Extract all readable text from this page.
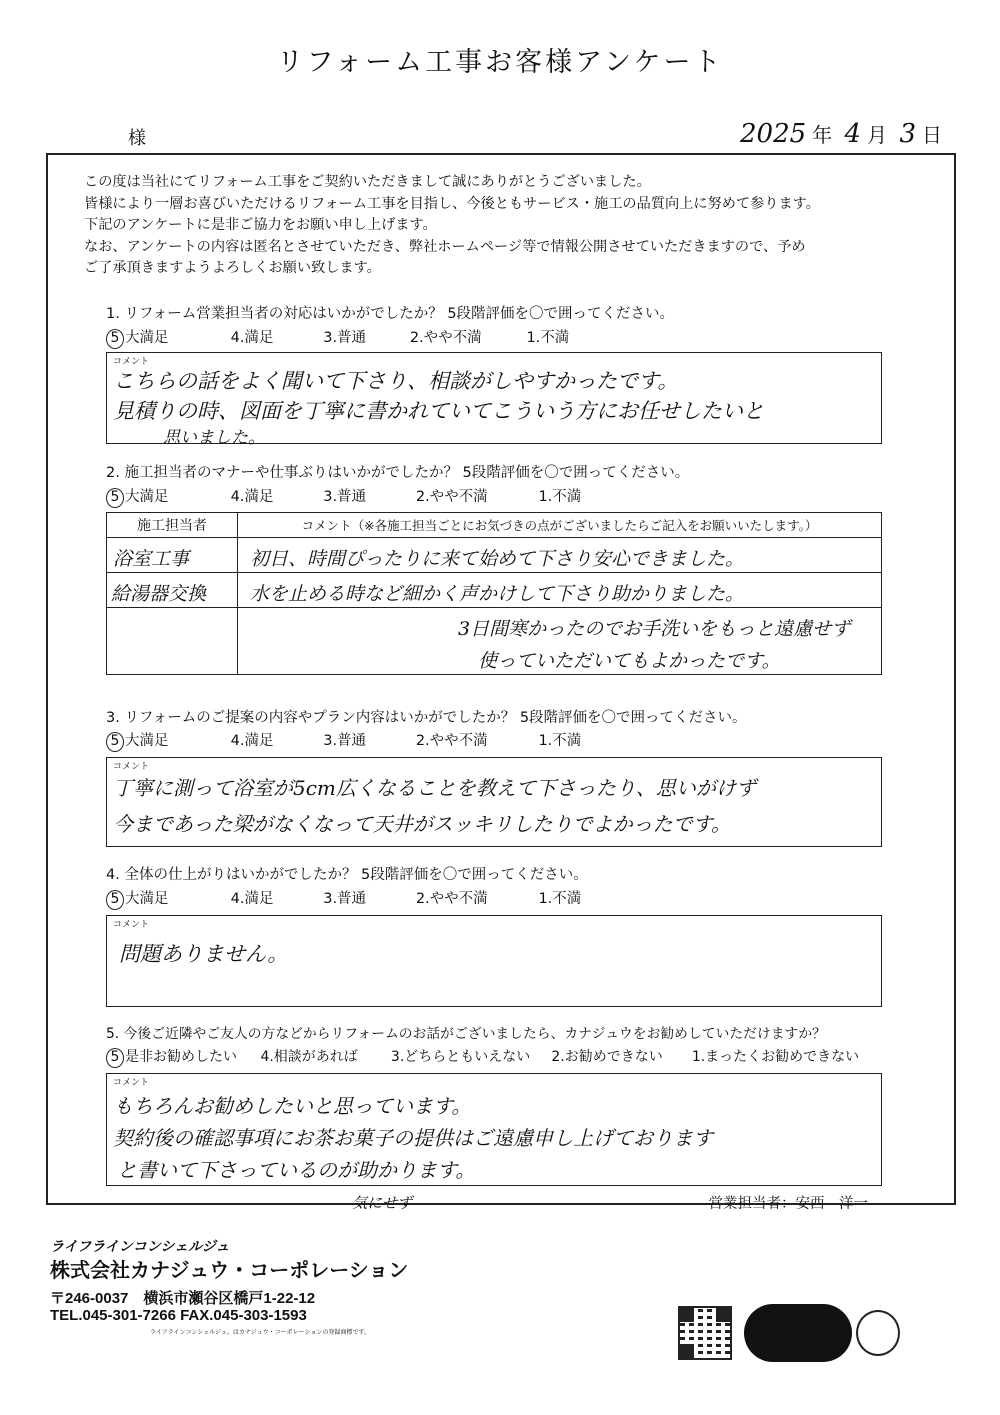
リフォーム工事お客様アンケート
様	2025 年 4 月 3 日
この度は当社にてリフォーム工事をご契約いただきまして誠にありがとうございました。
皆様により一層お喜びいただけるリフォーム工事を目指し、今後ともサービス・施工の品質向上に努めて参ります。
下記のアンケートに是非ご協力をお願い申し上げます。
なお、アンケートの内容は匿名とさせていただき、弊社ホームページ等で情報公開させていただきますので、予め
ご了承頂きますようよろしくお願い致します。
1. リフォーム営業担当者の対応はいかがでしたか？ 5段階評価を〇で囲ってください。
5 大満足	4.満足	3.普通	2.やや不満	1.不満
コメント
こちらの話をよく聞いて下さり、相談がしやすかったです。
見積りの時、図面を丁寧に書かれていてこういう方にお任せしたいと
思いました。
2. 施工担当者のマナーや仕事ぶりはいかがでしたか？ 5段階評価を〇で囲ってください。
5 大満足	4.満足	3.普通	2.やや不満	1.不満
施工担当者	コメント（※各施工担当ごとにお気づきの点がございましたらご記入をお願いいたします。）

浴室工事	初日、時間ぴったりに来て始めて下さり安心できました。

給湯器交換	水を止める時など細かく声かけして下さり助かりました。

	3日間寒かったのでお手洗いをもっと遠慮せず
使っていただいてもよかったです。
3. リフォームのご提案の内容やプラン内容はいかがでしたか？ 5段階評価を〇で囲ってください。
5 大満足	4.満足	3.普通	2.やや不満	1.不満
コメント
丁寧に測って浴室が5cm広くなることを教えて下さったり、思いがけず
今まであった梁がなくなって天井がスッキリしたりでよかったです。
4. 全体の仕上がりはいかがでしたか？ 5段階評価を〇で囲ってください。
5 大満足	4.満足	3.普通	2.やや不満	1.不満
コメント
問題ありません。
5. 今後ご近隣やご友人の方などからリフォームのお話がございましたら、カナジュウをお勧めしていただけますか？
5 是非お勧めしたい 4.相談があれば 3.どちらともいえない 2.お勧めできない 1.まったくお勧めできない
コメント
もちろんお勧めしたいと思っています。
契約後の確認事項にお茶お菓子の提供はご遠慮申し上げております
と書いて下さっているのが助かります。
気にせず	営業担当者：安西　洋一
ライフラインコンシェルジュ
株式会社カナジュウ・コーポレーション
〒246-0037　横浜市瀬谷区橋戸1-22-12
TEL.045-301-7266 FAX.045-303-1593
ライフラインコンシェルジュ。はカナジュウ・コーポレーションの登録商標です。
